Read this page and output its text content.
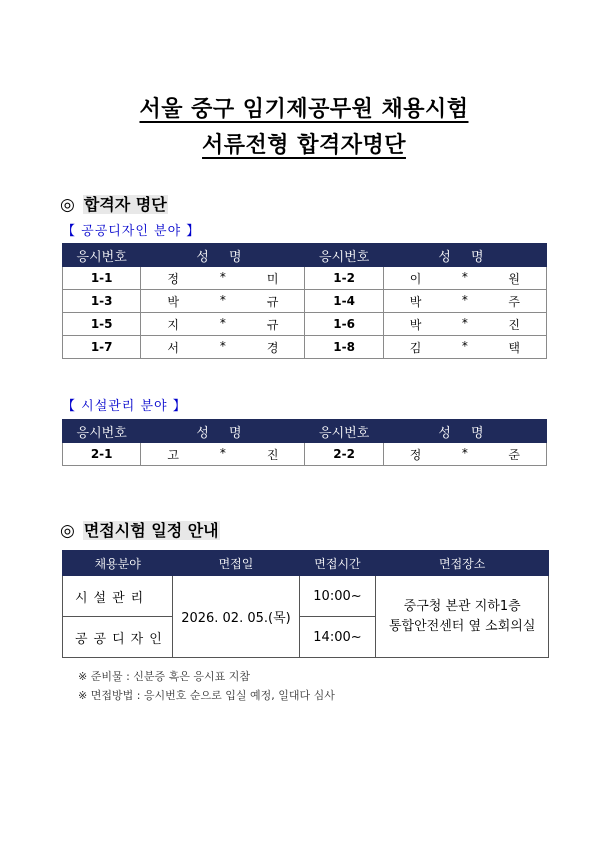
서울 중구 임기제공무원 채용시험
서류전형 합격자명단
◎ 합격자 명단
【 공공디자인 분야 】
응시번호	성 명	응시번호	성 명
1-1	정 * 미	1-2	이 * 원

1-3	박 * 규	1-4	박 * 주

1-5	지 * 규	1-6	박 * 진

1-7	서 * 경	1-8	김 * 택
【 시설관리 분야 】
응시번호	성 명	응시번호	성 명
2-1	고 * 진	2-2	정 * 준
◎ 면접시험 일정 안내
채용분야	면접일	면접시간	면접장소
시설관리	2026. 02. 05.(목)	10:00~	중구청 본관 지하1층
통합안전센터 옆 소회의실

공공디자인		14:00~	
※ 준비물 : 신분증 혹은 응시표 지참
※ 면접방법 : 응시번호 순으로 입실 예정, 일대다 심사
